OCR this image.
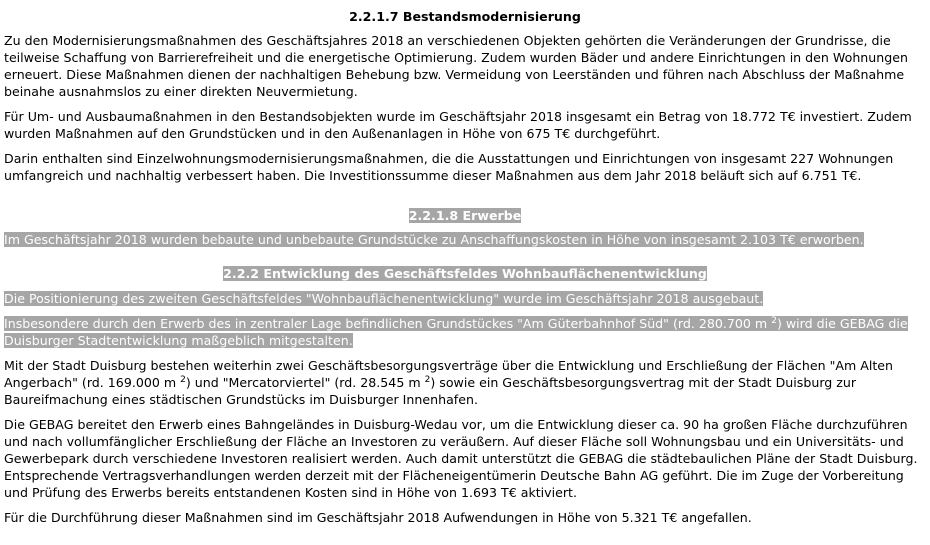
2.2.1.7 Bestandsmodernisierung

Zu den Modernisierungsmaßnahmen des Geschäftsjahres 2018 an verschiedenen Objekten gehörten die Veränderungen der Grundrisse, die teilweise Schaffung von Barrierefreiheit und die energetische Optimierung. Zudem wurden Bäder und andere Einrichtungen in den Wohnungen erneuert. Diese Maßnahmen dienen der nachhaltigen Behebung bzw. Vermeidung von Leerständen und führen nach Abschluss der Maßnahme beinahe ausnahmslos zu einer direkten Neuvermietung.

Für Um- und Ausbaumaßnahmen in den Bestandsobjekten wurde im Geschäftsjahr 2018 insgesamt ein Betrag von 18.772 T€ investiert. Zudem wurden Maßnahmen auf den Grundstücken und in den Außenanlagen in Höhe von 675 T€ durchgeführt.

Darin enthalten sind Einzelwohnungsmodernisierungsmaßnahmen, die die Ausstattungen und Einrichtungen von insgesamt 227 Wohnungen umfangreich und nachhaltig verbessert haben. Die Investitionssumme dieser Maßnahmen aus dem Jahr 2018 beläuft sich auf 6.751 T€.

2.2.1.8 Erwerbe

Im Geschäftsjahr 2018 wurden bebaute und unbebaute Grundstücke zu Anschaffungskosten in Höhe von insgesamt 2.103 T€ erworben.

2.2.2 Entwicklung des Geschäftsfeldes Wohnbauflächenentwicklung

Die Positionierung des zweiten Geschäftsfeldes "Wohnbauflächenentwicklung" wurde im Geschäftsjahr 2018 ausgebaut.

Insbesondere durch den Erwerb des in zentraler Lage befindlichen Grundstückes "Am Güterbahnhof Süd" (rd. 280.700 m $^2$) wird die GEBAG die Duisburger Stadtentwicklung maßgeblich mitgestalten.

Mit der Stadt Duisburg bestehen weiterhin zwei Geschäftsbesorgungsverträge über die Entwicklung und Erschließung der Flächen "Am Alten Angerbach" (rd. 169.000 m $^2$) und "Mercatorviertel" (rd. 28.545 m $^2$) sowie ein Geschäftsbesorgungsvertrag mit der Stadt Duisburg zur Baureifmachung eines städtischen Grundstücks im Duisburger Innenhafen.

Die GEBAG bereitet den Erwerb eines Bahngeländes in Duisburg-Wedau vor, um die Entwicklung dieser ca. 90 ha großen Fläche durchzuführen und nach vollumfänglicher Erschließung der Fläche an Investoren zu veräußern. Auf dieser Fläche soll Wohnungsbau und ein Universitäts- und Gewerbepark durch verschiedene Investoren realisiert werden. Auch damit unterstützt die GEBAG die städtebaulichen Pläne der Stadt Duisburg. Entsprechende Vertragsverhandlungen werden derzeit mit der Flächeneigentümerin Deutsche Bahn AG geführt. Die im Zuge der Vorbereitung und Prüfung des Erwerbs bereits entstandenen Kosten sind in Höhe von 1.693 T€ aktiviert.

Für die Durchführung dieser Maßnahmen sind im Geschäftsjahr 2018 Aufwendungen in Höhe von 5.321 T€ angefallen.
